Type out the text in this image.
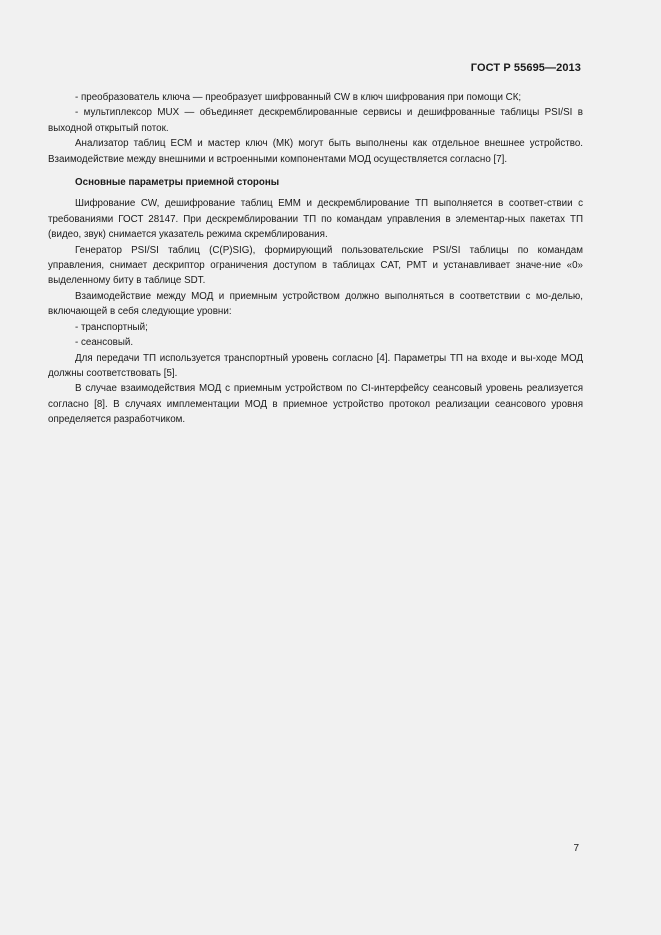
ГОСТ Р 55695—2013

- преобразователь ключа — преобразует шифрованный CW в ключ шифрования при помощи СК;

- мультиплексор MUX — объединяет дескремблированные сервисы и дешифрованные таблицы PSI/SI в выходной открытый поток.

Анализатор таблиц ЕСМ и мастер ключ (МК) могут быть выполнены как отдельное внешнее устройство. Взаимодействие между внешними и встроенными компонентами МОД осуществляется согласно [7].

Основные параметры приемной стороны

Шифрование CW, дешифрование таблиц ЕММ и дескремблирование ТП выполняется в соответ-ствии с требованиями ГОСТ 28147. При дескремблировании ТП по командам управления в элементар-ных пакетах ТП (видео, звук) снимается указатель режима скремблирования.

Генератор PSI/SI таблиц (C(P)SIG), формирующий пользовательские PSI/SI таблицы по командам управления, снимает дескриптор ограничения доступом в таблицах CAT, PMT и устанавливает значе-ние «0» выделенному биту в таблице SDT.

Взаимодействие между МОД и приемным устройством должно выполняться в соответствии с мо-делью, включающей в себя следующие уровни:

- транспортный;

- сеансовый.

Для передачи ТП используется транспортный уровень согласно [4]. Параметры ТП на входе и вы-ходе МОД должны соответствовать [5].

В случае взаимодействия МОД с приемным устройством по CI-интерфейсу сеансовый уровень реализуется согласно [8]. В случаях имплементации МОД в приемное устройство протокол реализации сеансового уровня определяется разработчиком.

7
